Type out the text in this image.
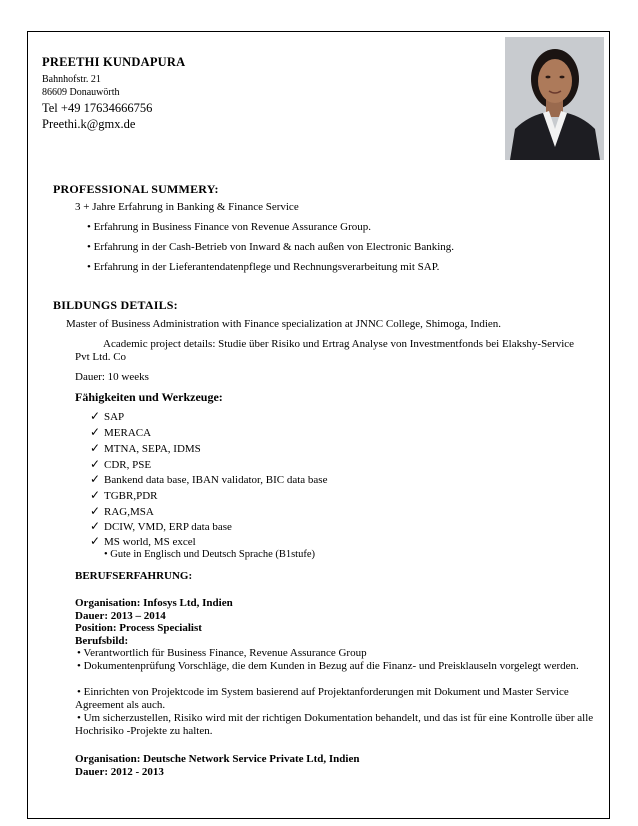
PREETHI KUNDAPURA
Bahnhofstr. 21
86609 Donauwörth
Tel +49 17634666756
Preethi.k@gmx.de
PROFESSIONAL SUMMERY:
3 + Jahre Erfahrung in Banking & Finance Service
• Erfahrung in Business Finance von Revenue Assurance Group.
• Erfahrung in der Cash-Betrieb von Inward & nach außen von Electronic Banking.
• Erfahrung in der Lieferantendatenpflege und Rechnungsverarbeitung mit SAP.
BILDUNGS DETAILS:
Master of Business Administration with Finance specialization at JNNC College, Shimoga, Indien.
Academic project details: Studie über Risiko und Ertrag Analyse von Investmentfonds bei Elakshy-Service
Pvt Ltd. Co
Dauer: 10 weeks
Fähigkeiten und Werkzeuge:
✓ SAP
✓ MERACA
✓ MTNA, SEPA, IDMS
✓ CDR, PSE
✓ Bankend data base, IBAN validator, BIC data base
✓ TGBR,PDR
✓ RAG,MSA
✓ DCIW, VMD, ERP data base
✓ MS world, MS excel
• Gute in Englisch und Deutsch Sprache (B1stufe)
BERUFSERFAHRUNG:
Organisation: Infosys Ltd, Indien
Dauer: 2013 – 2014
Position: Process Specialist
Berufsbild:
• Verantwortlich für Business Finance, Revenue Assurance Group
• Dokumentenprüfung Vorschläge, die dem Kunden in Bezug auf die Finanz- und Preisklauseln vorgelegt werden.
• Einrichten von Projektcode im System basierend auf Projektanforderungen mit Dokument und Master Service Agreement als auch.
• Um sicherzustellen, Risiko wird mit der richtigen Dokumentation behandelt, und das ist für eine Kontrolle über alle Hochrisiko -Projekte zu halten.
Organisation: Deutsche Network Service Private Ltd, Indien
Dauer: 2012 - 2013
